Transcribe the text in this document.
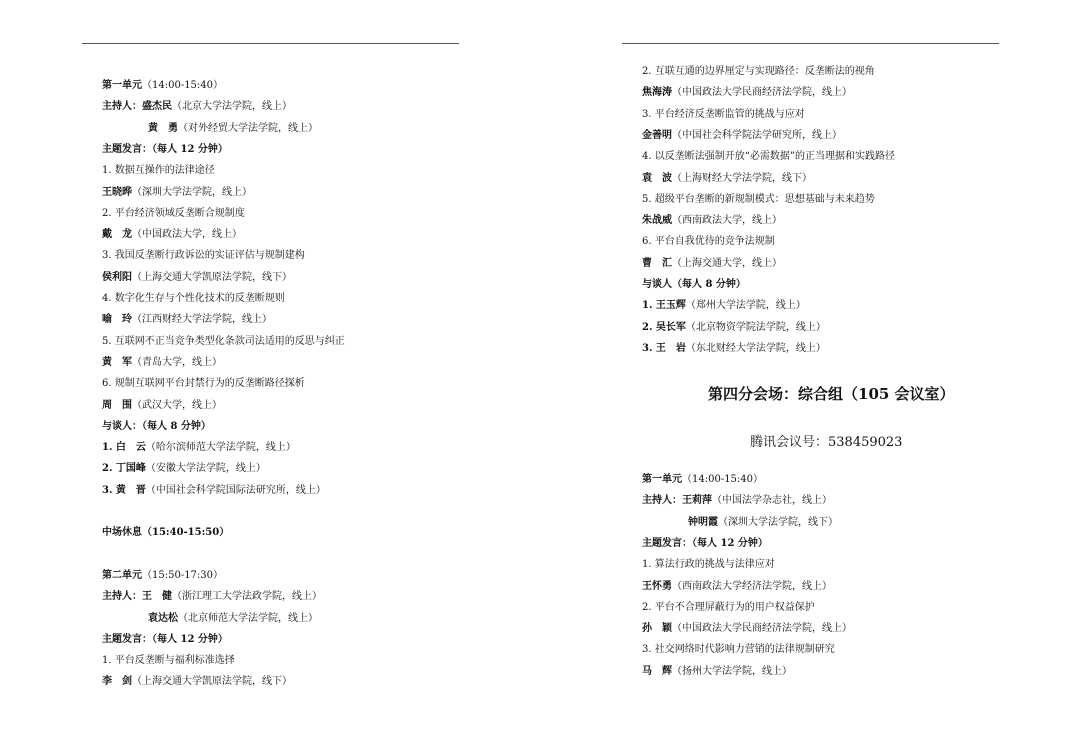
第一单元（14:00-15:40）
主持人：盛杰民（北京大学法学院，线上）
黄　勇（对外经贸大学法学院，线上）
主题发言：（每人 12 分钟）
1. 数据互操作的法律途径
王晓晔（深圳大学法学院，线上）
2. 平台经济领域反垄断合规制度
戴　龙（中国政法大学，线上）
3. 我国反垄断行政诉讼的实证评估与规制建构
侯利阳（上海交通大学凯原法学院，线下）
4. 数字化生存与个性化技术的反垄断规则
喻　玲（江西财经大学法学院，线上）
5. 互联网不正当竞争类型化条款司法适用的反思与纠正
黄　军（青岛大学，线上）
6. 规制互联网平台封禁行为的反垄断路径探析
周　围（武汉大学，线上）
与谈人：（每人 8 分钟）
1. 白　云（哈尔滨师范大学法学院，线上）
2. 丁国峰（安徽大学法学院，线上）
3. 黄　晋（中国社会科学院国际法研究所，线上）
中场休息（15:40-15:50）
第二单元（15:50-17:30）
主持人：王　健（浙江理工大学法政学院，线上）
袁达松（北京师范大学法学院，线上）
主题发言：（每人 12 分钟）
1. 平台反垄断与福利标准选择
李　剑（上海交通大学凯原法学院，线下）
2. 互联互通的边界厘定与实现路径：反垄断法的视角
焦海涛（中国政法大学民商经济法学院，线上）
3. 平台经济反垄断监管的挑战与应对
金善明（中国社会科学院法学研究所，线上）
4. 以反垄断法强制开放“必需数据”的正当理据和实践路径
袁　波（上海财经大学法学院，线下）
5. 超级平台垄断的新规制模式：思想基础与未来趋势
朱战威（西南政法大学，线上）
6. 平台自我优待的竞争法规制
曹　汇（上海交通大学，线上）
与谈人（每人 8 分钟）
1. 王玉辉（郑州大学法学院，线上）
2. 吴长军（北京物资学院法学院，线上）
3. 王　岩（东北财经大学法学院，线上）
第四分会场：综合组（105 会议室）
腾讯会议号：538459023
第一单元（14:00-15:40）
主持人：王莉萍（中国法学杂志社，线上）
钟明霞（深圳大学法学院，线下）
主题发言：（每人 12 分钟）
1. 算法行政的挑战与法律应对
王怀勇（西南政法大学经济法学院，线上）
2. 平台不合理屏蔽行为的用户权益保护
孙　颖（中国政法大学民商经济法学院，线上）
3. 社交网络时代影响力营销的法律规制研究
马　辉（扬州大学法学院，线上）
